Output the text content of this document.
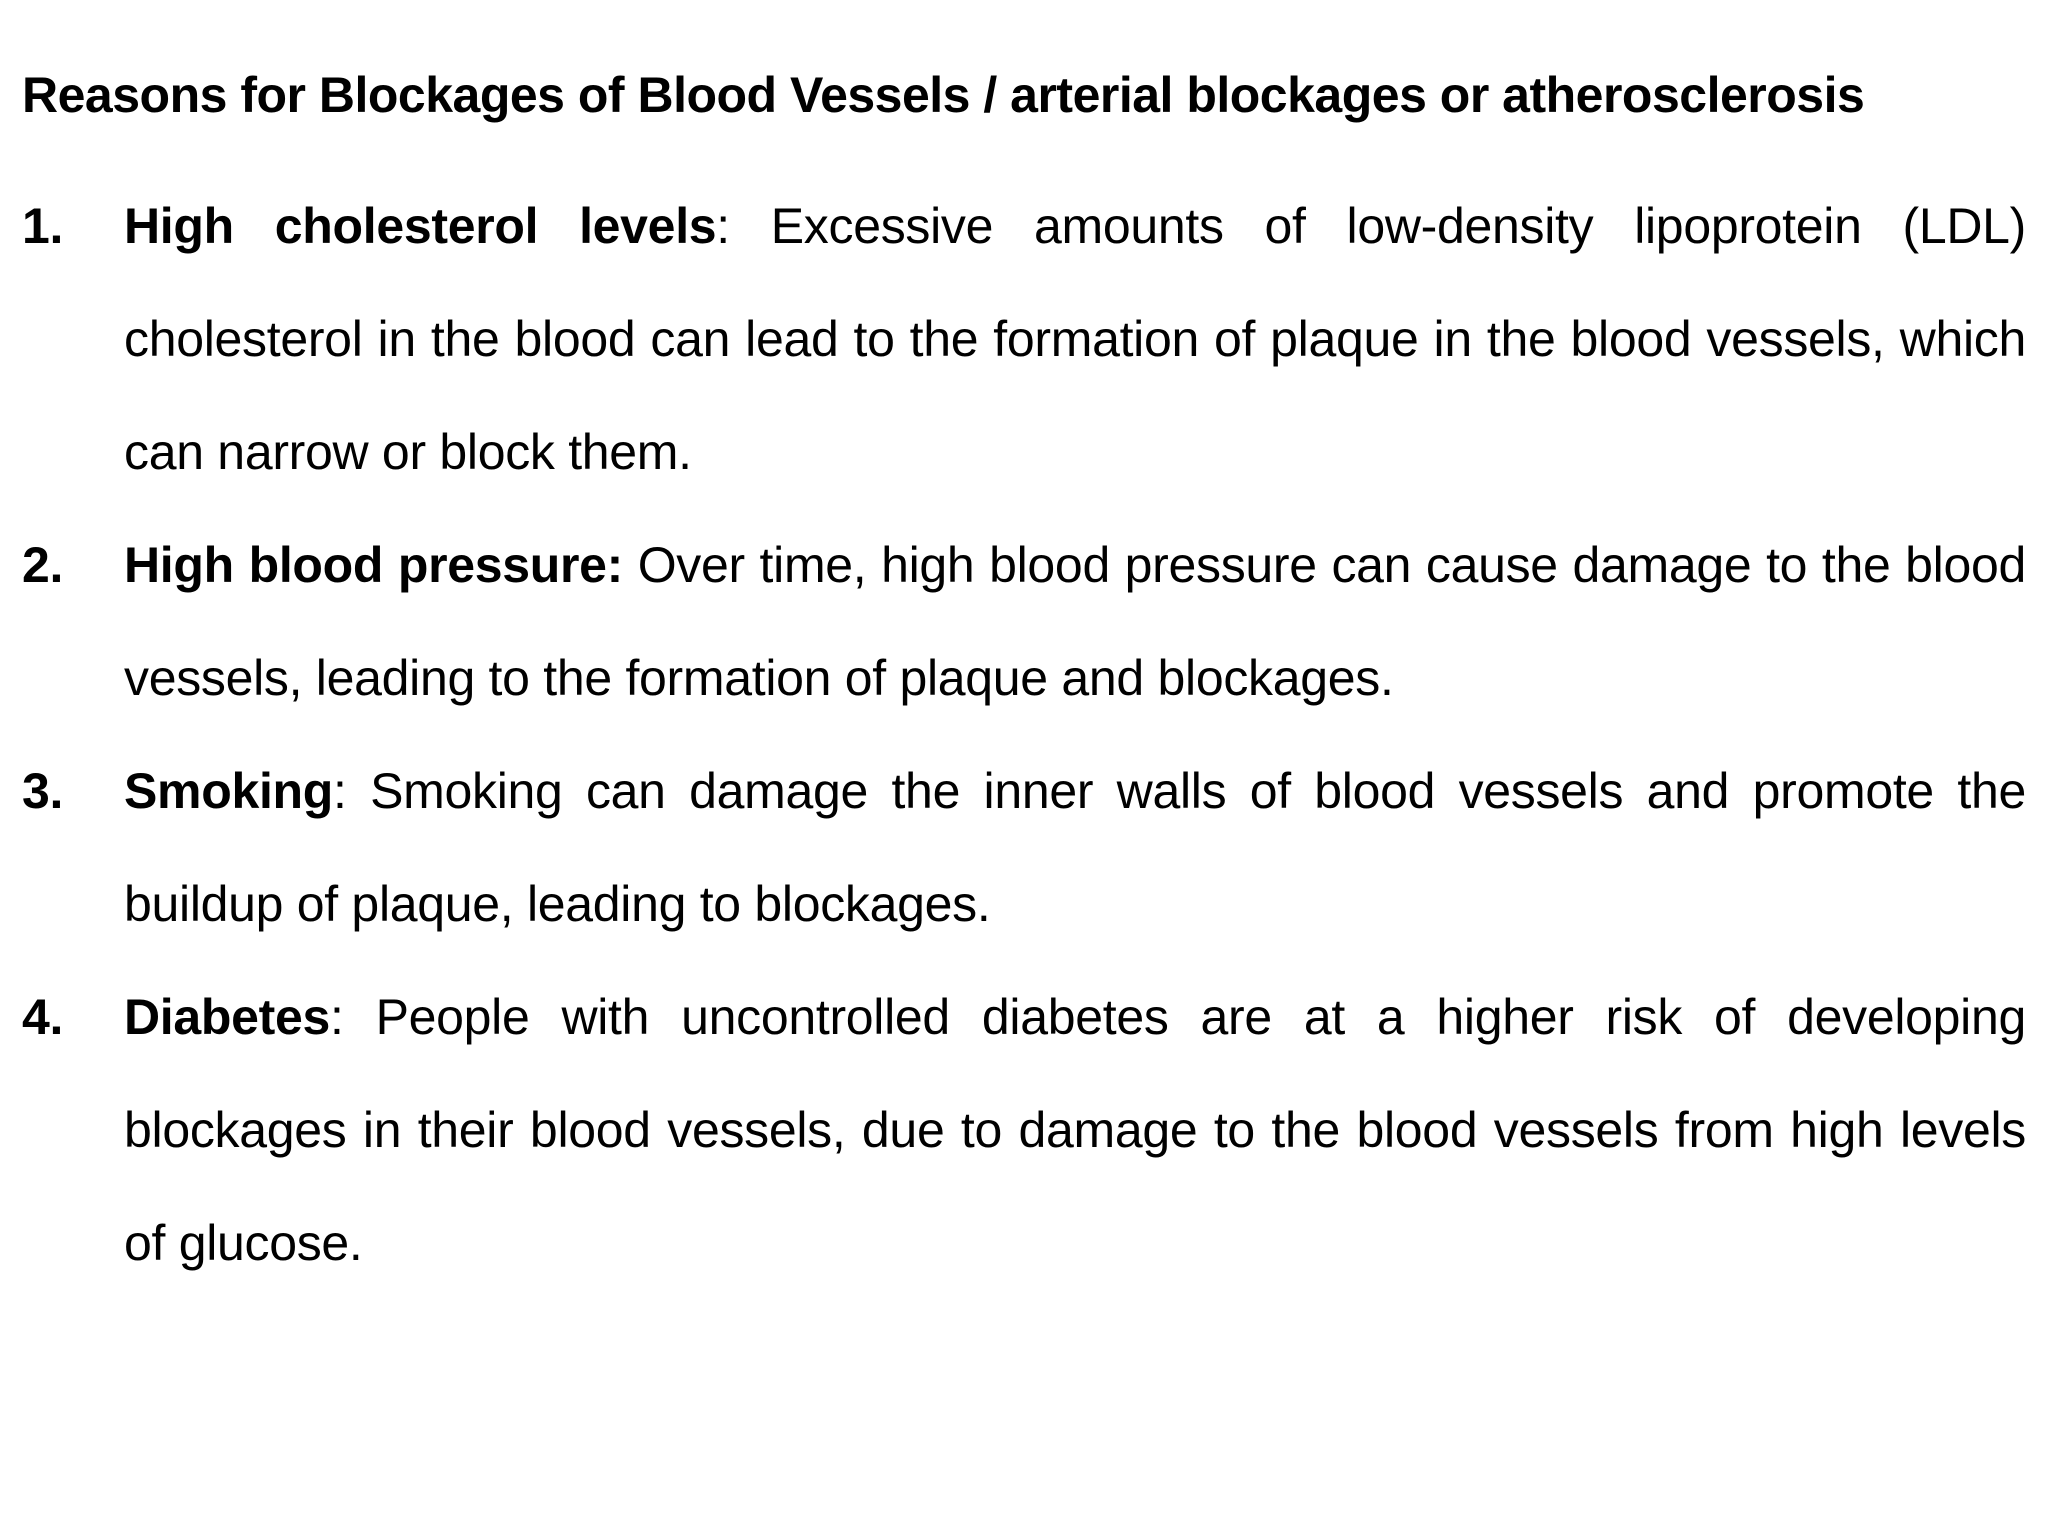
Reasons for Blockages of Blood Vessels / arterial blockages or atherosclerosis
1. High cholesterol levels: Excessive amounts of low-density lipoprotein (LDL) cholesterol in the blood can lead to the formation of plaque in the blood vessels, which can narrow or block them.
2. High blood pressure: Over time, high blood pressure can cause damage to the blood vessels, leading to the formation of plaque and blockages.
3. Smoking: Smoking can damage the inner walls of blood vessels and promote the buildup of plaque, leading to blockages.
4. Diabetes: People with uncontrolled diabetes are at a higher risk of developing blockages in their blood vessels, due to damage to the blood vessels from high levels of glucose.
